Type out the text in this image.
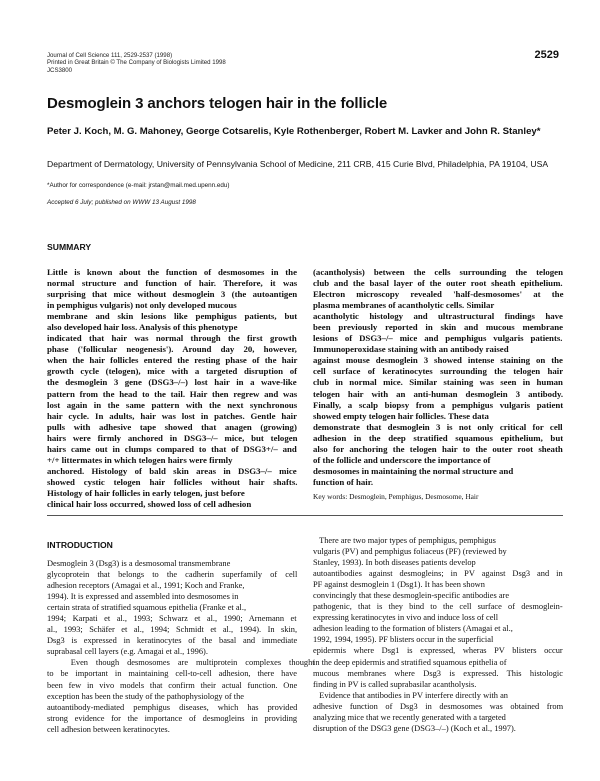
Journal of Cell Science 111, 2529-2537 (1998)
Printed in Great Britain © The Company of Biologists Limited 1998
JCS3800
2529
Desmoglein 3 anchors telogen hair in the follicle
Peter J. Koch, M. G. Mahoney, George Cotsarelis, Kyle Rothenberger, Robert M. Lavker and John R. Stanley*
Department of Dermatology, University of Pennsylvania School of Medicine, 211 CRB, 415 Curie Blvd, Philadelphia, PA 19104, USA
*Author for correspondence (e-mail: jrstan@mail.med.upenn.edu)
Accepted 6 July; published on WWW 13 August 1998
SUMMARY
Little is known about the function of desmosomes in the
normal structure and function of hair. Therefore, it was
surprising that mice without desmoglein 3 (the autoantigen
in pemphigus vulgaris) not only developed mucous
membrane and skin lesions like pemphigus patients, but
also developed hair loss. Analysis of this phenotype
indicated that hair was normal through the first growth
phase ('follicular neogenesis'). Around day 20, however,
when the hair follicles entered the resting phase of the hair
growth cycle (telogen), mice with a targeted disruption of
the desmoglein 3 gene (DSG3–/–) lost hair in a wave-like
pattern from the head to the tail. Hair then regrew and was
lost again in the same pattern with the next synchronous
hair cycle. In adults, hair was lost in patches. Gentle hair
pulls with adhesive tape showed that anagen (growing)
hairs were firmly anchored in DSG3–/– mice, but telogen
hairs came out in clumps compared to that of DSG3+/– and
+/+ littermates in which telogen hairs were firmly
anchored. Histology of bald skin areas in DSG3–/– mice
showed cystic telogen hair follicles without hair shafts.
Histology of hair follicles in early telogen, just before
clinical hair loss occurred, showed loss of cell adhesion
(acantholysis) between the cells surrounding the telogen
club and the basal layer of the outer root sheath epithelium.
Electron microscopy revealed 'half-desmosomes' at the
plasma membranes of acantholytic cells. Similar
acantholytic histology and ultrastructural findings have
been previously reported in skin and mucous membrane
lesions of DSG3–/– mice and pemphigus vulgaris patients.
Immunoperoxidase staining with an antibody raised
against mouse desmoglein 3 showed intense staining on the
cell surface of keratinocytes surrounding the telogen hair
club in normal mice. Similar staining was seen in human
telogen hair with an anti-human desmoglein 3 antibody.
Finally, a scalp biopsy from a pemphigus vulgaris patient
showed empty telogen hair follicles. These data
demonstrate that desmoglein 3 is not only critical for cell
adhesion in the deep stratified squamous epithelium, but
also for anchoring the telogen hair to the outer root sheath
of the follicle and underscore the importance of
desmosomes in maintaining the normal structure and
function of hair.
Key words: Desmoglein, Pemphigus, Desmosome, Hair
INTRODUCTION
Desmoglein 3 (Dsg3) is a desmosomal transmembrane
glycoprotein that belongs to the cadherin superfamily of cell
adhesion receptors (Amagai et al., 1991; Koch and Franke,
1994). It is expressed and assembled into desmosomes in
certain strata of stratified squamous epithelia (Franke et al.,
1994; Karpati et al., 1993; Schwarz et al., 1990; Arnemann et
al., 1993; Schäfer et al., 1994; Schmidt et al., 1994). In skin,
Dsg3 is expressed in keratinocytes of the basal and immediate
suprabasal cell layers (e.g. Amagai et al., 1996).
Even though desmosomes are multiprotein complexes thought
to be important in maintaining cell-to-cell adhesion, there have
been few in vivo models that confirm their actual function. One
exception has been the study of the pathophysiology of the
autoantibody-mediated pemphigus diseases, which has provided
strong evidence for the importance of desmogleins in providing
cell adhesion between keratinocytes.
There are two major types of pemphigus, pemphigus
vulgaris (PV) and pemphigus foliaceus (PF) (reviewed by
Stanley, 1993). In both diseases patients develop
autoantibodies against desmogleins; in PV against Dsg3 and in
PF against desmoglein 1 (Dsg1). It has been shown
convincingly that these desmoglein-specific antibodies are
pathogenic, that is they bind to the cell surface of desmoglein-
expressing keratinocytes in vivo and induce loss of cell
adhesion leading to the formation of blisters (Amagai et al.,
1992, 1994, 1995). PF blisters occur in the superficial
epidermis where Dsg1 is expressed, wheras PV blisters occur
in the deep epidermis and stratified squamous epithelia of
mucous membranes where Dsg3 is expressed. This histologic
finding in PV is called suprabasilar acantholysis.
Evidence that antibodies in PV interfere directly with an
adhesive function of Dsg3 in desmosomes was obtained from
analyzing mice that we recently generated with a targeted
disruption of the DSG3 gene (DSG3–/–) (Koch et al., 1997).
